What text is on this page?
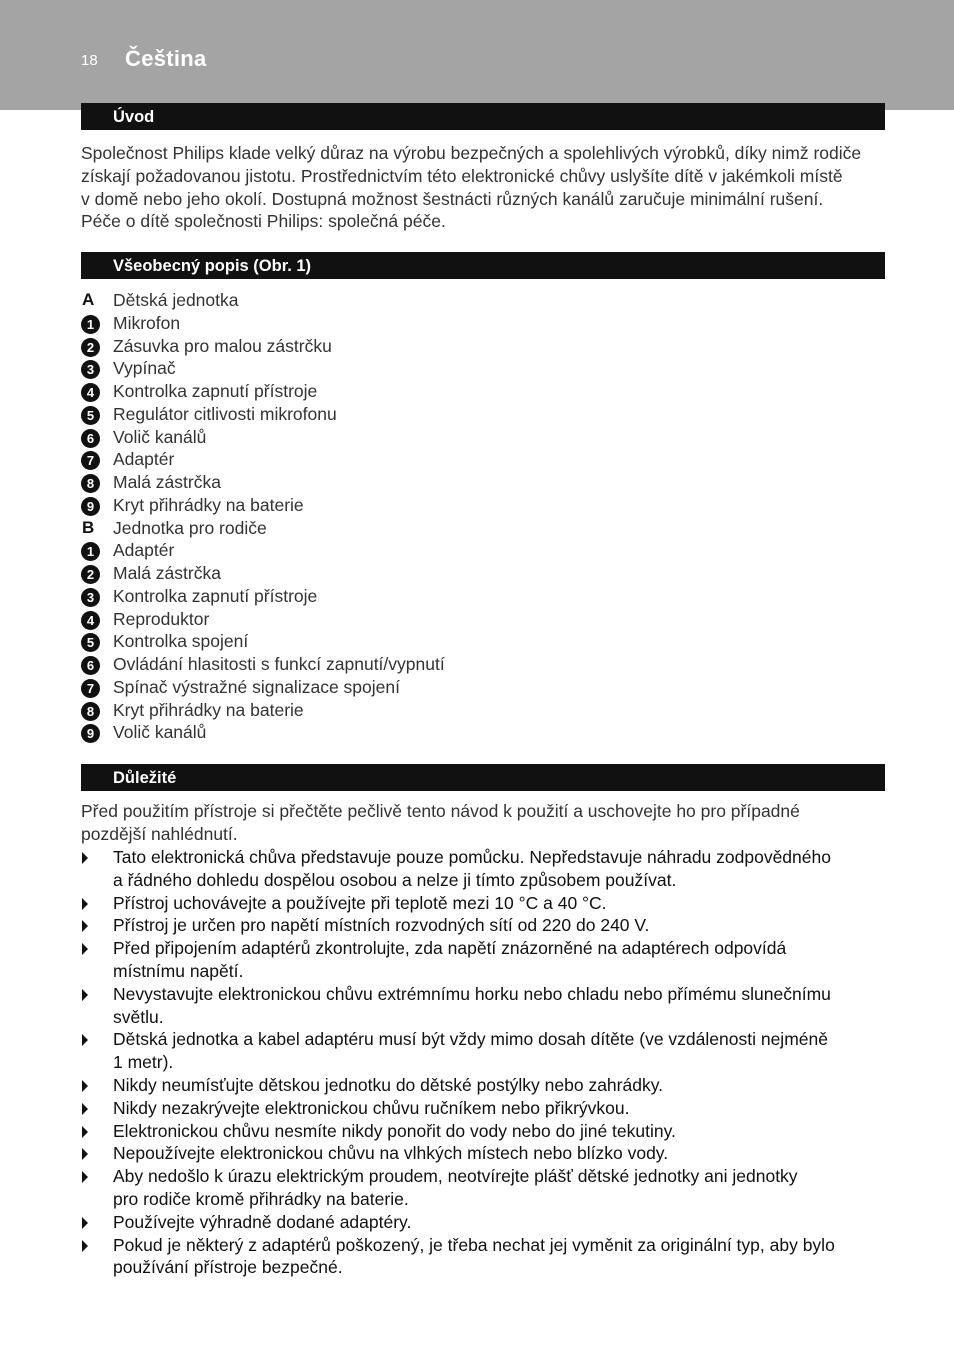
18 Čeština
Úvod

Společnost Philips klade velký důraz na výrobu bezpečných a spolehlivých výrobků, díky nimž rodiče
získají požadovanou jistotu. Prostřednictvím této elektronické chůvy uslyšíte dítě v jakémkoli místě
v domě nebo jeho okolí. Dostupná možnost šestnácti různých kanálů zaručuje minimální rušení.
Péče o dítě společnosti Philips: společná péče.

Všeobecný popis (Obr. 1)
A Dětská jednotka
1	Mikrofon
2	Zásuvka pro malou zástrčku
3	Vypínač
4	Kontrolka zapnutí přístroje
5	Regulátor citlivosti mikrofonu
6	Volič kanálů
7	Adaptér
8	Malá zástrčka
9	Kryt přihrádky na baterie
B Jednotka pro rodiče
1	Adaptér
2	Malá zástrčka
3	Kontrolka zapnutí přístroje
4	Reproduktor
5	Kontrolka spojení
6	Ovládání hlasitosti s funkcí zapnutí/vypnutí
7	Spínač výstražné signalizace spojení
8	Kryt přihrádky na baterie
9	Volič kanálů
Důležité

Před použitím přístroje si přečtěte pečlivě tento návod k použití a uschovejte ho pro případné
pozdější nahlédnutí.

Tato elektronická chůva představuje pouze pomůcku. Nepředstavuje náhradu zodpovědného
a řádného dohledu dospělou osobou a nelze ji tímto způsobem používat.
Přístroj uchovávejte a používejte při teplotě mezi 10 °C a 40 °C.
Přístroj je určen pro napětí místních rozvodných sítí od 220 do 240 V.
Před připojením adaptérů zkontrolujte, zda napětí znázorněné na adaptérech odpovídá
místnímu napětí.
Nevystavujte elektronickou chůvu extrémnímu horku nebo chladu nebo přímému slunečnímu
světlu.
Dětská jednotka a kabel adaptéru musí být vždy mimo dosah dítěte (ve vzdálenosti nejméně
1 metr).
Nikdy neumísťujte dětskou jednotku do dětské postýlky nebo zahrádky.
Nikdy nezakrývejte elektronickou chůvu ručníkem nebo přikrývkou.
Elektronickou chůvu nesmíte nikdy ponořit do vody nebo do jiné tekutiny.
Nepoužívejte elektronickou chůvu na vlhkých místech nebo blízko vody.
Aby nedošlo k úrazu elektrickým proudem, neotvírejte plášť dětské jednotky ani jednotky
pro rodiče kromě přihrádky na baterie.
Používejte výhradně dodané adaptéry.
Pokud je některý z adaptérů poškozený, je třeba nechat jej vyměnit za originální typ, aby bylo
používání přístroje bezpečné.
